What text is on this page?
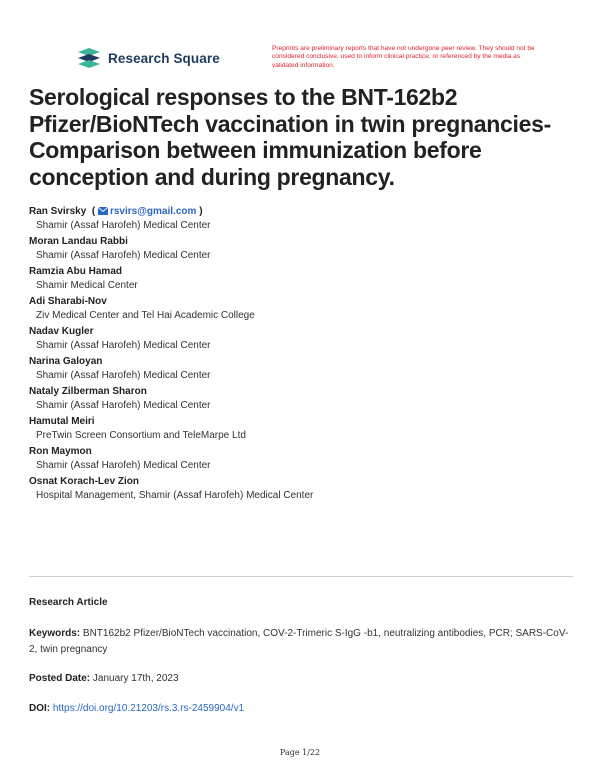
Research Square
Preprints are preliminary reports that have not undergone peer review. They should not be considered conclusive, used to inform clinical practice, or referenced by the media as validated information.
Serological responses to the BNT-162b2 Pfizer/BioNTech vaccination in twin pregnancies-Comparison between immunization before conception and during pregnancy.
Ran Svirsky  ( rsvirs@gmail.com )
Shamir (Assaf Harofeh) Medical Center
Moran Landau Rabbi
Shamir (Assaf Harofeh) Medical Center
Ramzia Abu Hamad
Shamir Medical Center
Adi Sharabi-Nov
Ziv Medical Center and Tel Hai Academic College
Nadav Kugler
Shamir (Assaf Harofeh) Medical Center
Narina Galoyan
Shamir (Assaf Harofeh) Medical Center
Nataly Zilberman Sharon
Shamir (Assaf Harofeh) Medical Center
Hamutal Meiri
PreTwin Screen Consortium and TeleMarpe Ltd
Ron Maymon
Shamir (Assaf Harofeh) Medical Center
Osnat Korach-Lev Zion
Hospital Management, Shamir (Assaf Harofeh) Medical Center
Research Article
Keywords: BNT162b2 Pfizer/BioNTech vaccination, COV-2-Trimeric S-IgG -b1, neutralizing antibodies, PCR; SARS-CoV-2, twin pregnancy
Posted Date: January 17th, 2023
DOI: https://doi.org/10.21203/rs.3.rs-2459904/v1
Page 1/22
